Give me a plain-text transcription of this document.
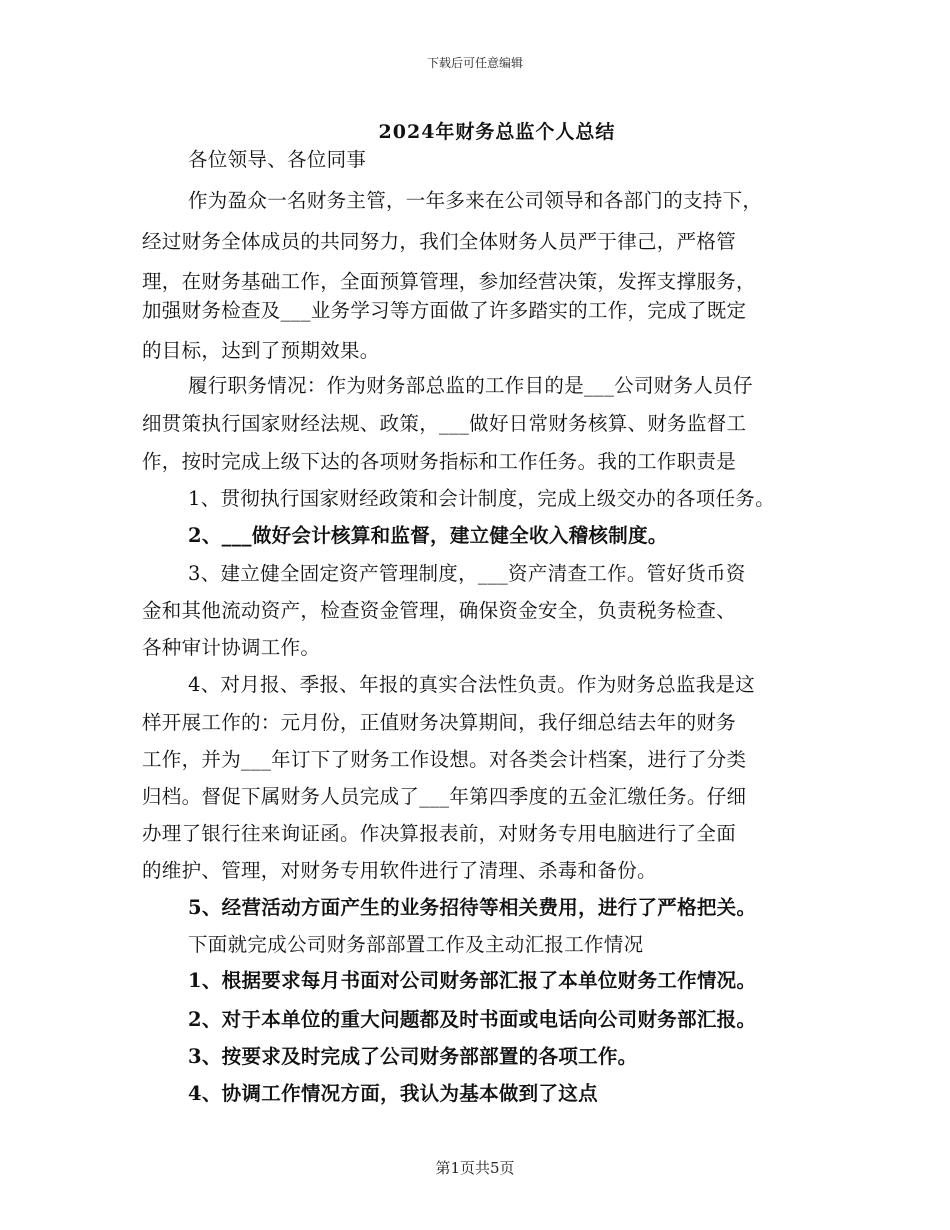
下载后可任意编辑
2024年财务总监个人总结
各位领导、各位同事
作为盈众一名财务主管，一年多来在公司领导和各部门的支持下，
经过财务全体成员的共同努力，我们全体财务人员严于律己，严格管
理，在财务基础工作，全面预算管理，参加经营决策，发挥支撑服务，
加强财务检查及___业务学习等方面做了许多踏实的工作，完成了既定
的目标，达到了预期效果。
履行职务情况：作为财务部总监的工作目的是___公司财务人员仔
细贯策执行国家财经法规、政策，___做好日常财务核算、财务监督工
作，按时完成上级下达的各项财务指标和工作任务。我的工作职责是
1、贯彻执行国家财经政策和会计制度，完成上级交办的各项任务。
2、___做好会计核算和监督，建立健全收入稽核制度。
3、建立健全固定资产管理制度，___资产清查工作。管好货币资
金和其他流动资产，检查资金管理，确保资金安全，负责税务检查、
各种审计协调工作。
4、对月报、季报、年报的真实合法性负责。作为财务总监我是这
样开展工作的：元月份，正值财务决算期间，我仔细总结去年的财务
工作，并为___年订下了财务工作设想。对各类会计档案，进行了分类
归档。督促下属财务人员完成了___年第四季度的五金汇缴任务。仔细
办理了银行往来询证函。作决算报表前，对财务专用电脑进行了全面
的维护、管理，对财务专用软件进行了清理、杀毒和备份。
5、经营活动方面产生的业务招待等相关费用，进行了严格把关。
下面就完成公司财务部部置工作及主动汇报工作情况
1、根据要求每月书面对公司财务部汇报了本单位财务工作情况。
2、对于本单位的重大问题都及时书面或电话向公司财务部汇报。
3、按要求及时完成了公司财务部部置的各项工作。
4、协调工作情况方面，我认为基本做到了这点
第1页共5页
